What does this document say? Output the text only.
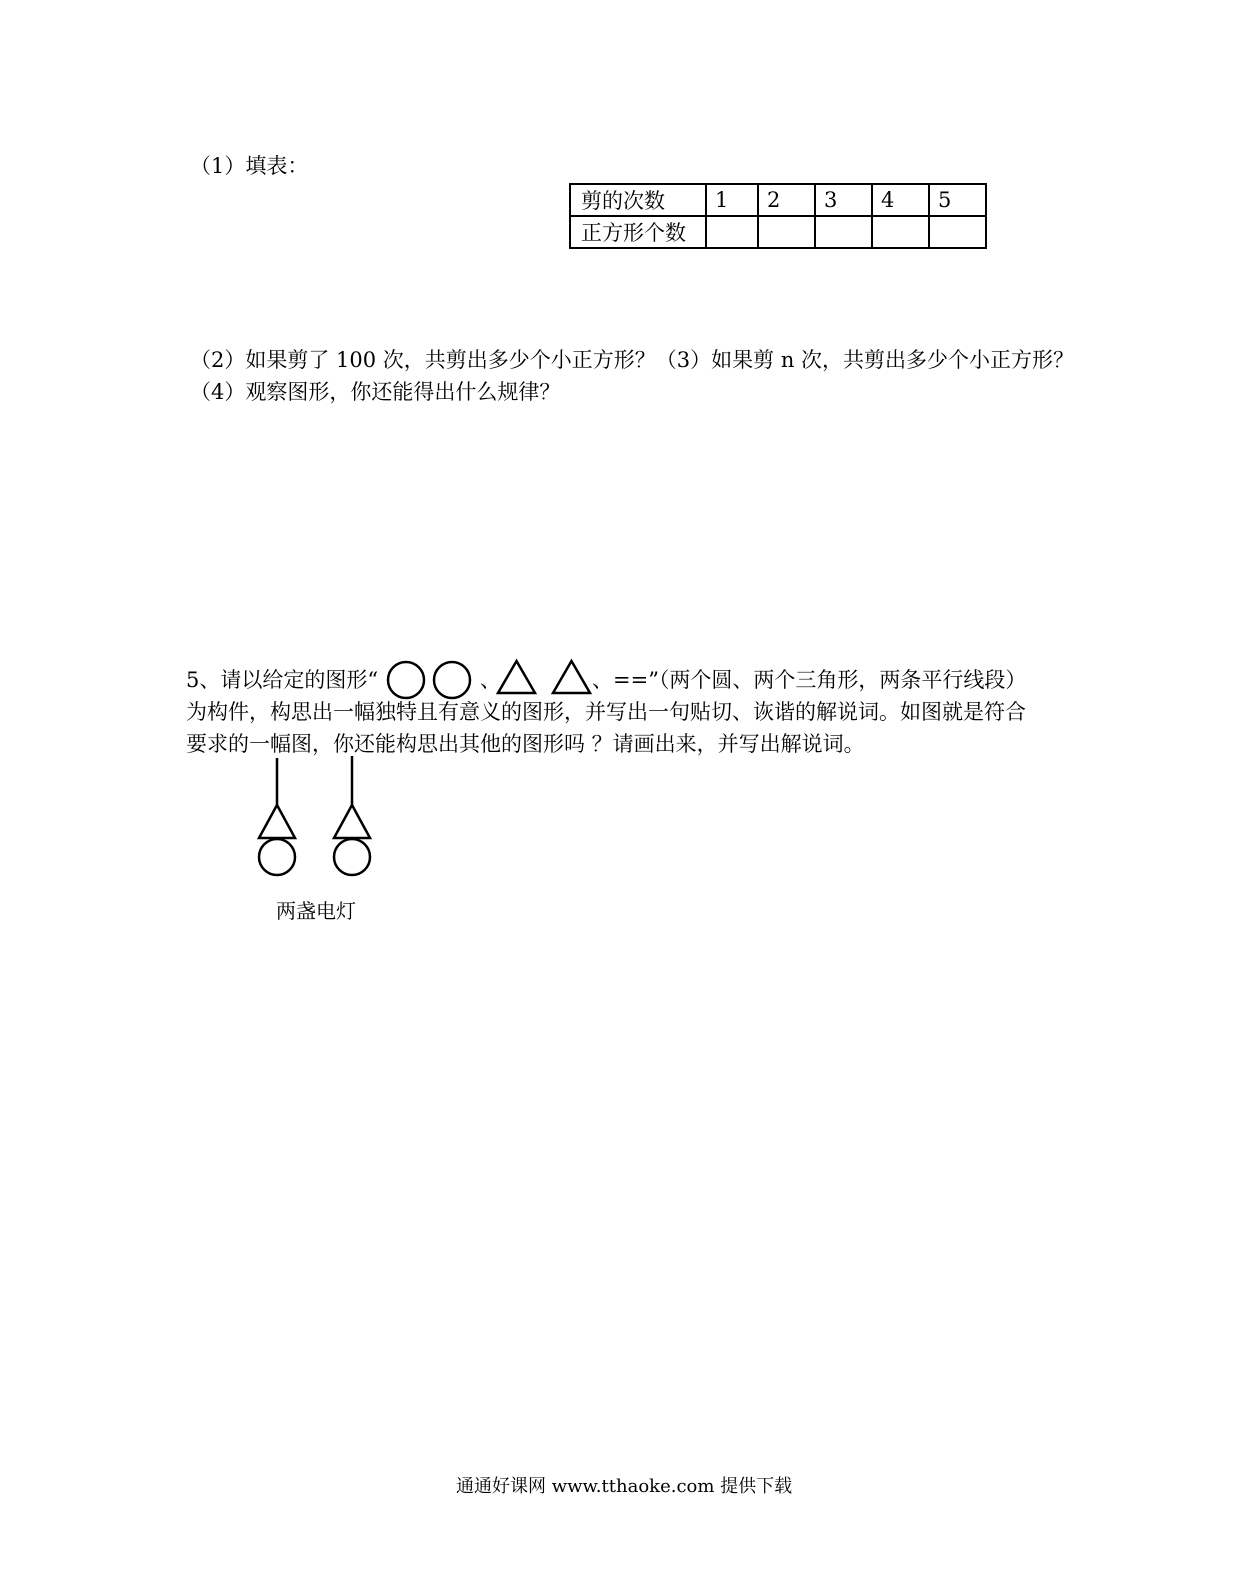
（1）填表：
剪的次数	1	2	3	4	5
正方形个数					
（2）如果剪了 100 次，共剪出多少个小正方形？（3）如果剪 n 次，共剪出多少个小正方形？
（4）观察图形，你还能得出什么规律？
5、请以给定的图形“	、	、==”（两个圆、两个三角形，两条平行线段）
为构件，构思出一幅独特且有意义的图形，并写出一句贴切、诙谐的解说词。如图就是符合
要求的一幅图，你还能构思出其他的图形吗 ？请画出来，并写出解说词。
两盏电灯
通通好课网 www.tthaoke.com 提供下载
